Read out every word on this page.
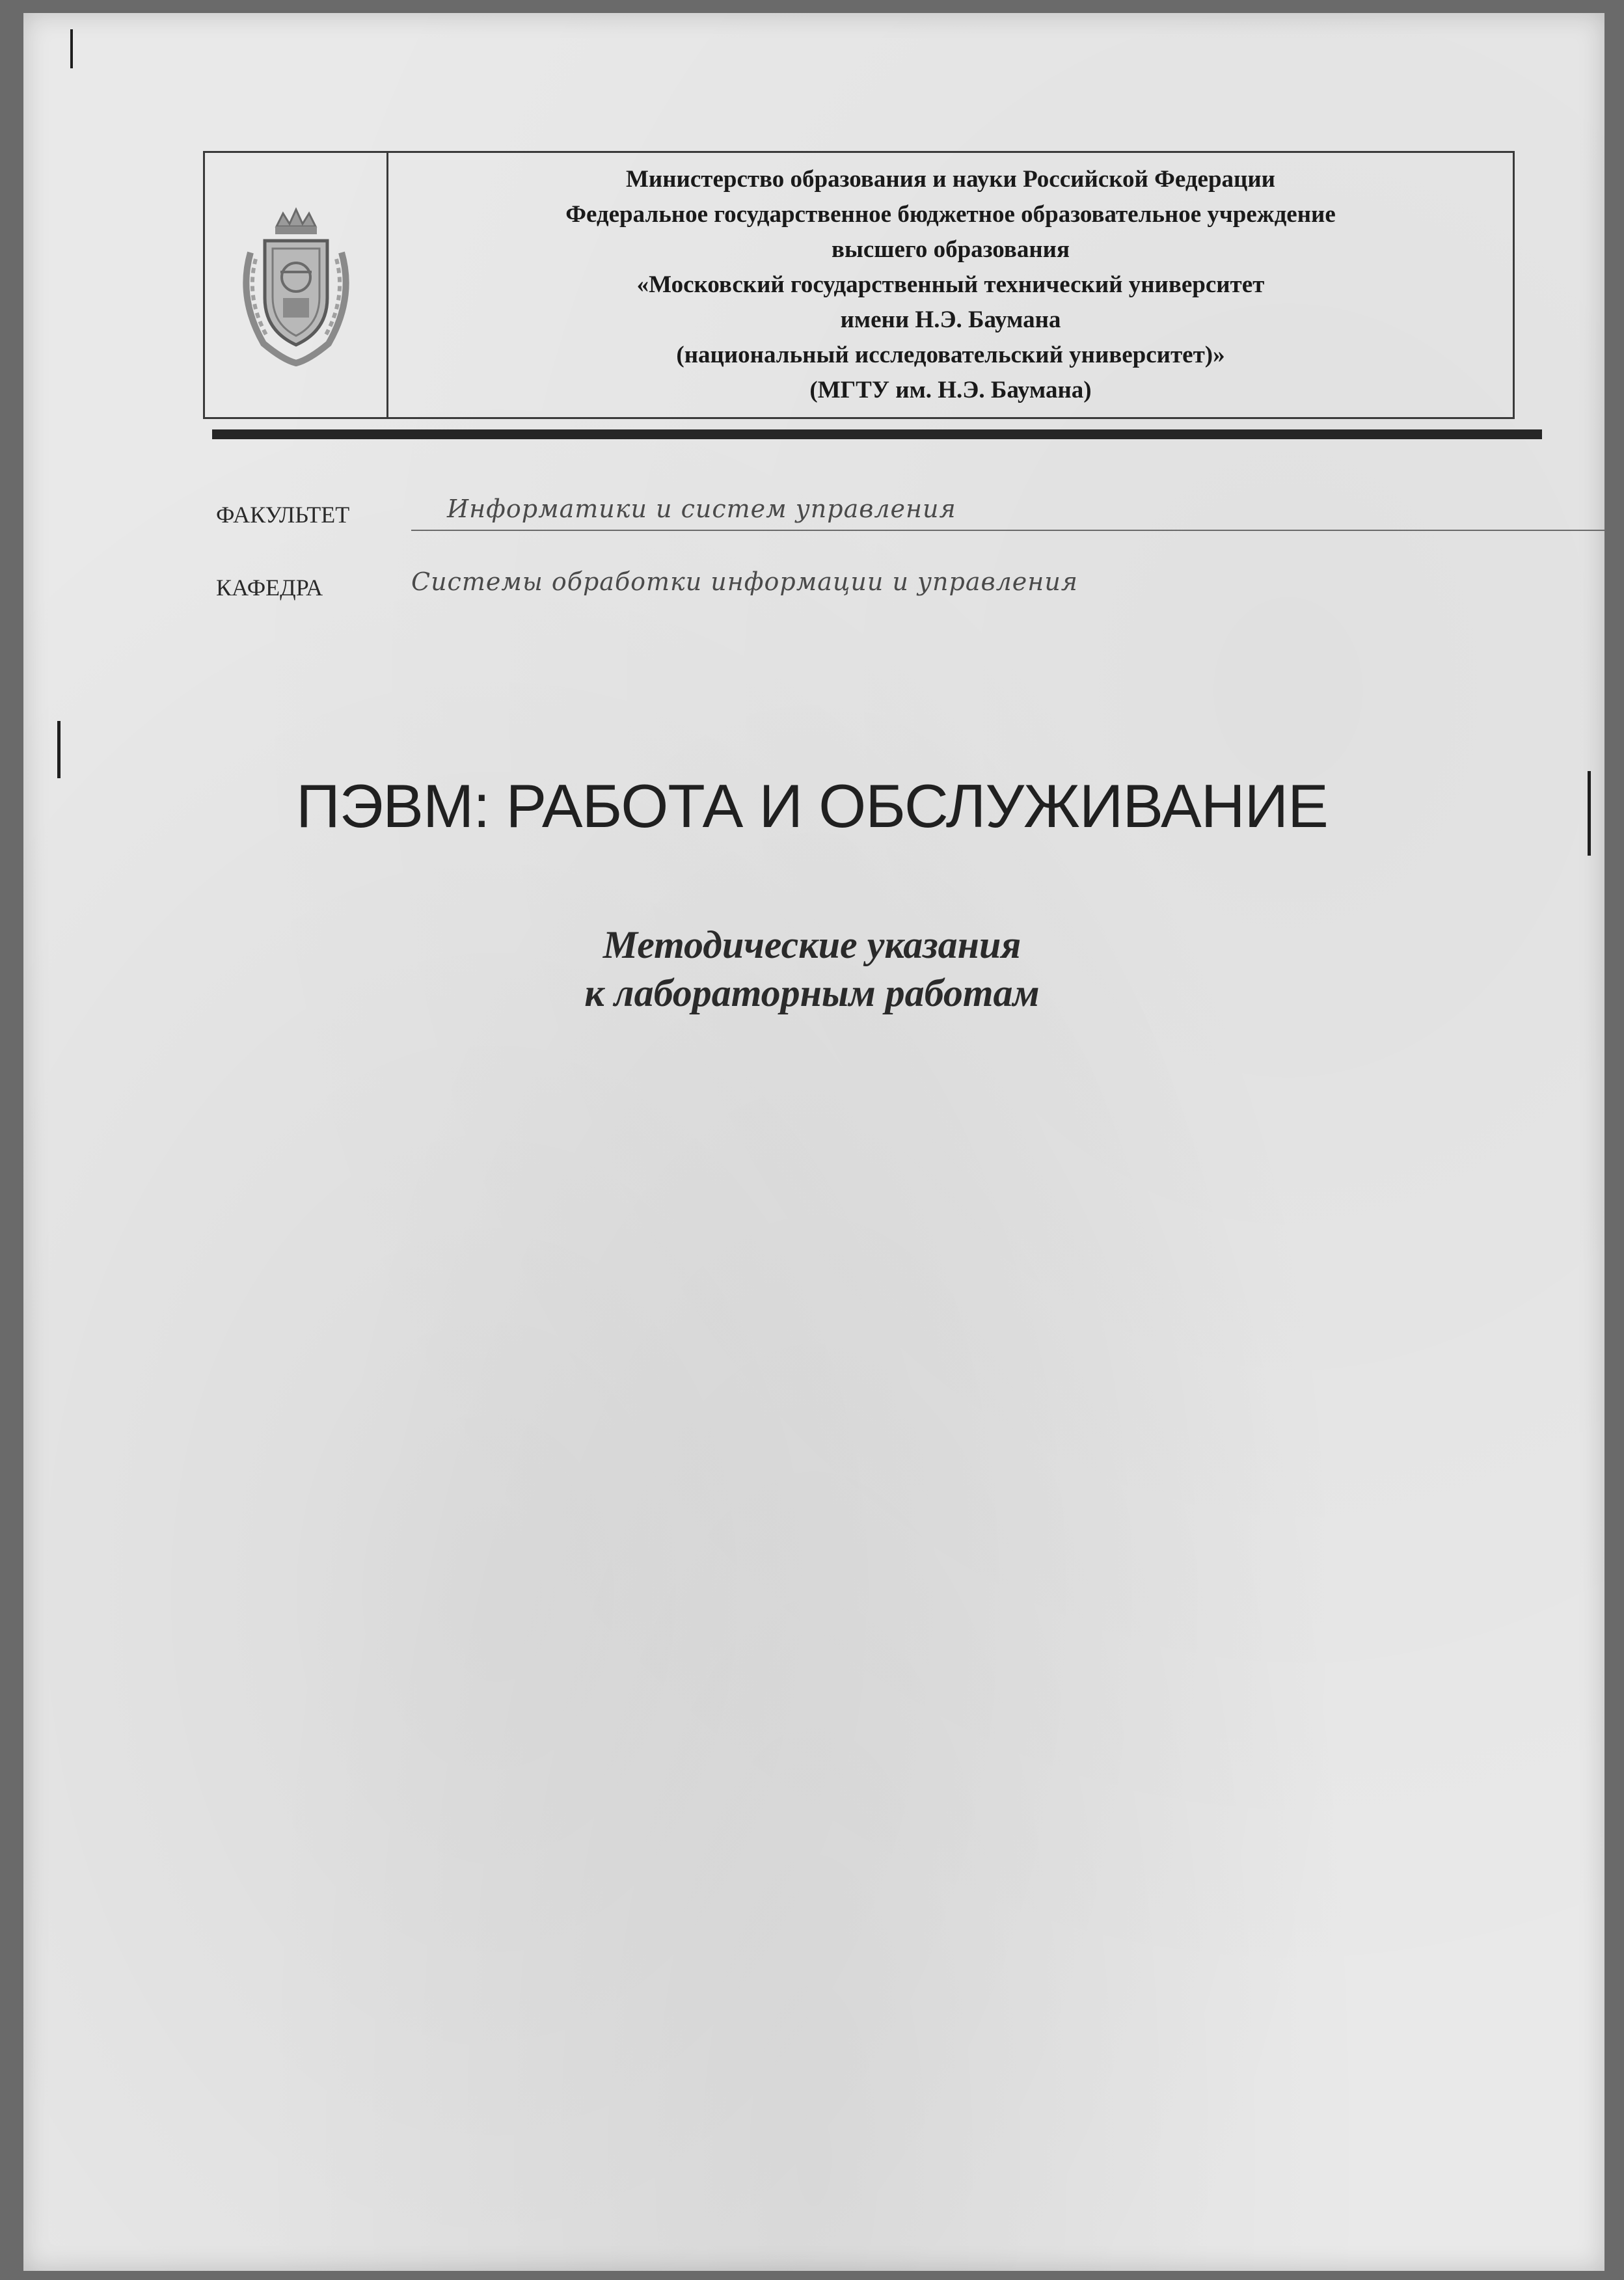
Министерство образования и науки Российской Федерации
Федеральное государственное бюджетное образовательное учреждение
высшего образования
«Московский государственный технический университет
имени Н.Э. Баумана
(национальный исследовательский университет)»
(МГТУ им. Н.Э. Баумана)
ФАКУЛЬТЕТ	Информатики и систем управления
КАФЕДРА	Системы обработки информации и управления
ПЭВМ: РАБОТА И ОБСЛУЖИВАНИЕ
Методические указания
к лабораторным работам
